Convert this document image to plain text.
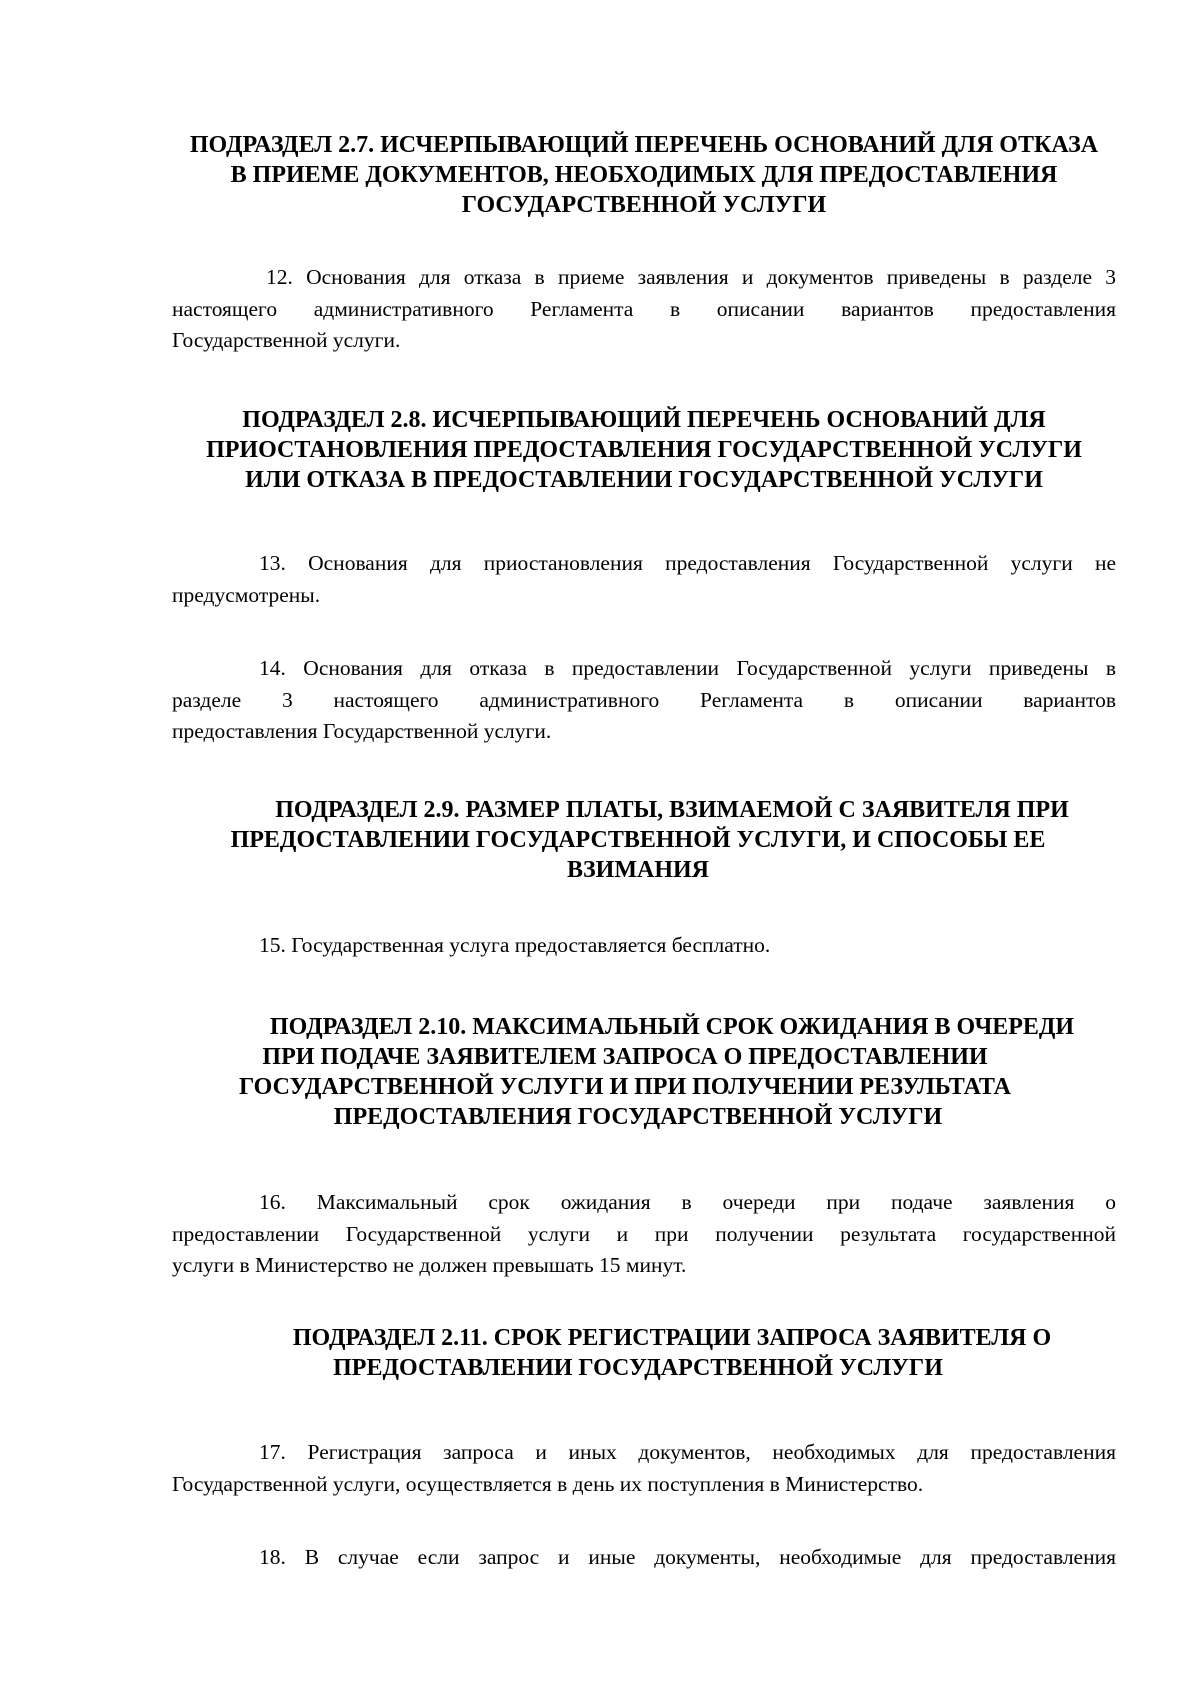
ПОДРАЗДЕЛ 2.7. ИСЧЕРПЫВАЮЩИЙ ПЕРЕЧЕНЬ ОСНОВАНИЙ ДЛЯ ОТКАЗА
В ПРИЕМЕ ДОКУМЕНТОВ, НЕОБХОДИМЫХ ДЛЯ ПРЕДОСТАВЛЕНИЯ
ГОСУДАРСТВЕННОЙ УСЛУГИ

12. Основания для отказа в приеме заявления и документов приведены в разделе 3
настоящего административного Регламента в описании вариантов предоставления
Государственной услуги.

ПОДРАЗДЕЛ 2.8. ИСЧЕРПЫВАЮЩИЙ ПЕРЕЧЕНЬ ОСНОВАНИЙ ДЛЯ
ПРИОСТАНОВЛЕНИЯ ПРЕДОСТАВЛЕНИЯ ГОСУДАРСТВЕННОЙ УСЛУГИ
ИЛИ ОТКАЗА В ПРЕДОСТАВЛЕНИИ ГОСУДАРСТВЕННОЙ УСЛУГИ

13. Основания для приостановления предоставления Государственной услуги не
предусмотрены.

14. Основания для отказа в предоставлении Государственной услуги приведены в
разделе 3 настоящего административного Регламента в описании вариантов
предоставления Государственной услуги.

ПОДРАЗДЕЛ 2.9. РАЗМЕР ПЛАТЫ, ВЗИМАЕМОЙ С ЗАЯВИТЕЛЯ ПРИ
ПРЕДОСТАВЛЕНИИ ГОСУДАРСТВЕННОЙ УСЛУГИ, И СПОСОБЫ ЕЕ
ВЗИМАНИЯ

15. Государственная услуга предоставляется бесплатно.

ПОДРАЗДЕЛ 2.10. МАКСИМАЛЬНЫЙ СРОК ОЖИДАНИЯ В ОЧЕРЕДИ
ПРИ ПОДАЧЕ ЗАЯВИТЕЛЕМ ЗАПРОСА О ПРЕДОСТАВЛЕНИИ
ГОСУДАРСТВЕННОЙ УСЛУГИ И ПРИ ПОЛУЧЕНИИ РЕЗУЛЬТАТА
ПРЕДОСТАВЛЕНИЯ ГОСУДАРСТВЕННОЙ УСЛУГИ

16. Максимальный срок ожидания в очереди при подаче заявления о
предоставлении Государственной услуги и при получении результата государственной
услуги в Министерство не должен превышать 15 минут.

ПОДРАЗДЕЛ 2.11. СРОК РЕГИСТРАЦИИ ЗАПРОСА ЗАЯВИТЕЛЯ О
ПРЕДОСТАВЛЕНИИ ГОСУДАРСТВЕННОЙ УСЛУГИ

17. Регистрация запроса и иных документов, необходимых для предоставления
Государственной услуги, осуществляется в день их поступления в Министерство.

18. В случае если запрос и иные документы, необходимые для предоставления
